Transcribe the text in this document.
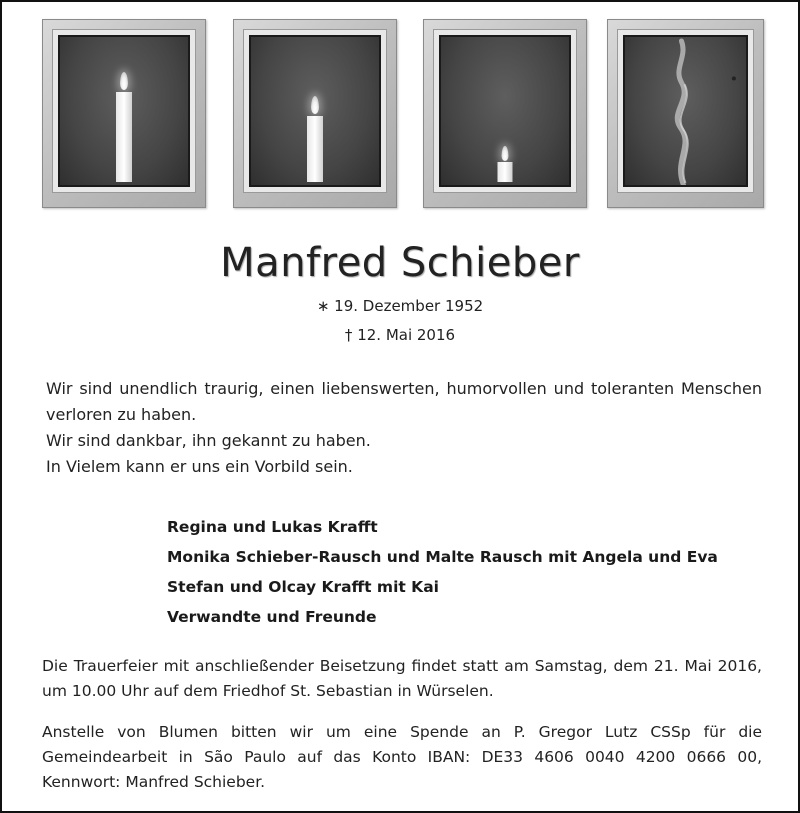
Manfred Schieber
∗ 19. Dezember 1952
† 12. Mai 2016

Wir sind unendlich traurig, einen liebenswerten, humorvollen und toleranten Menschen verloren zu haben.

Wir sind dankbar, ihn gekannt zu haben.

In Vielem kann er uns ein Vorbild sein.

Regina und Lukas Krafft
Monika Schieber-Rausch und Malte Rausch mit Angela und Eva
Stefan und Olcay Krafft mit Kai
Verwandte und Freunde

Die Trauerfeier mit anschließender Beisetzung findet statt am Samstag, dem 21. Mai 2016, um 10.00 Uhr auf dem Friedhof St. Sebastian in Würselen.

Anstelle von Blumen bitten wir um eine Spende an P. Gregor Lutz CSSp für die Gemeindearbeit in São Paulo auf das Konto IBAN: DE33 4606 0040 4200 0666 00, Kennwort: Manfred Schieber.
